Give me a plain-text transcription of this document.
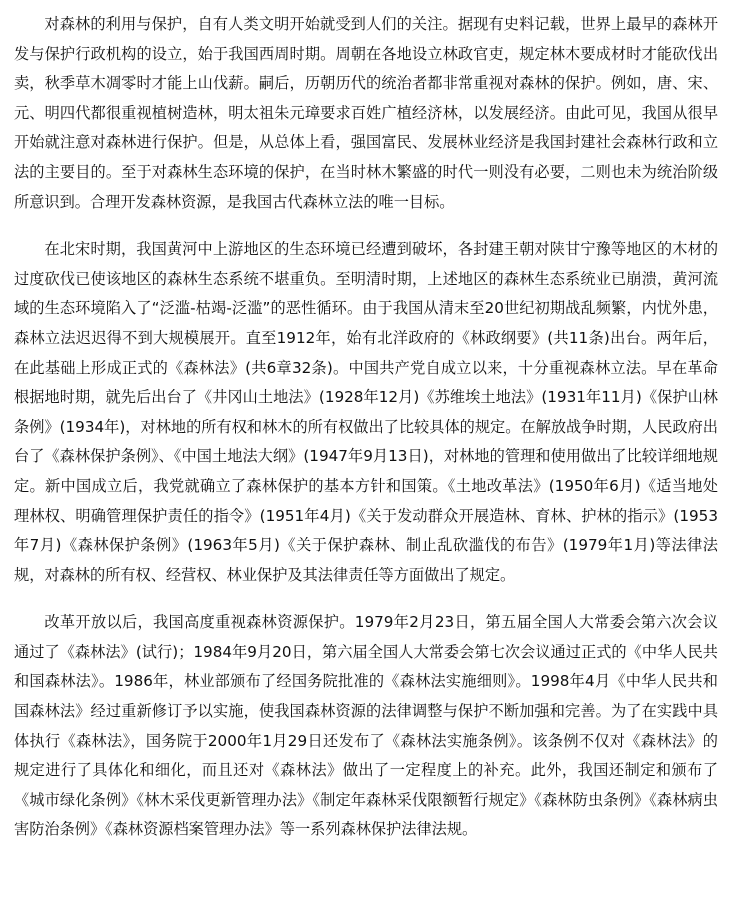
对森林的利用与保护，自有人类文明开始就受到人们的关注。据现有史料记载，世界上最早的森林开发与保护行政机构的设立，始于我国西周时期。周朝在各地设立林政官吏，规定林木要成材时才能砍伐出卖，秋季草木凋零时才能上山伐薪。嗣后，历朝历代的统治者都非常重视对森林的保护。例如，唐、宋、元、明四代都很重视植树造林，明太祖朱元璋要求百姓广植经济林，以发展经济。由此可见，我国从很早开始就注意对森林进行保护。但是，从总体上看，强国富民、发展林业经济是我国封建社会森林行政和立法的主要目的。至于对森林生态环境的保护，在当时林木繁盛的时代一则没有必要，二则也未为统治阶级所意识到。合理开发森林资源，是我国古代森林立法的唯一目标。

在北宋时期，我国黄河中上游地区的生态环境已经遭到破坏，各封建王朝对陕甘宁豫等地区的木材的过度砍伐已使该地区的森林生态系统不堪重负。至明清时期，上述地区的森林生态系统业已崩溃，黄河流域的生态环境陷入了“泛滥-枯竭-泛滥”的恶性循环。由于我国从清末至20世纪初期战乱频繁，内忧外患，森林立法迟迟得不到大规模展开。直至1912年，始有北洋政府的《林政纲要》(共11条)出台。两年后，在此基础上形成正式的《森林法》(共6章32条)。中国共产党自成立以来，十分重视森林立法。早在革命根据地时期，就先后出台了《井冈山土地法》(1928年12月)《苏维埃土地法》(1931年11月)《保护山林条例》(1934年)，对林地的所有权和林木的所有权做出了比较具体的规定。在解放战争时期，人民政府出台了《森林保护条例》、《中国土地法大纲》(1947年9月13日)，对林地的管理和使用做出了比较详细地规定。新中国成立后，我党就确立了森林保护的基本方针和国策。《土地改革法》(1950年6月)《适当地处理林权、明确管理保护责任的指令》(1951年4月)《关于发动群众开展造林、育林、护林的指示》(1953年7月)《森林保护条例》(1963年5月)《关于保护森林、制止乱砍滥伐的布告》(1979年1月)等法律法规，对森林的所有权、经营权、林业保护及其法律责任等方面做出了规定。

改革开放以后，我国高度重视森林资源保护。1979年2月23日，第五届全国人大常委会第六次会议通过了《森林法》(试行)；1984年9月20日，第六届全国人大常委会第七次会议通过正式的《中华人民共和国森林法》。1986年，林业部颁布了经国务院批准的《森林法实施细则》。1998年4月《中华人民共和国森林法》经过重新修订予以实施，使我国森林资源的法律调整与保护不断加强和完善。为了在实践中具体执行《森林法》，国务院于2000年1月29日还发布了《森林法实施条例》。该条例不仅对《森林法》的规定进行了具体化和细化，而且还对《森林法》做出了一定程度上的补充。此外，我国还制定和颁布了《城市绿化条例》《林木采伐更新管理办法》《制定年森林采伐限额暂行规定》《森林防虫条例》《森林病虫害防治条例》《森林资源档案管理办法》等一系列森林保护法律法规。
